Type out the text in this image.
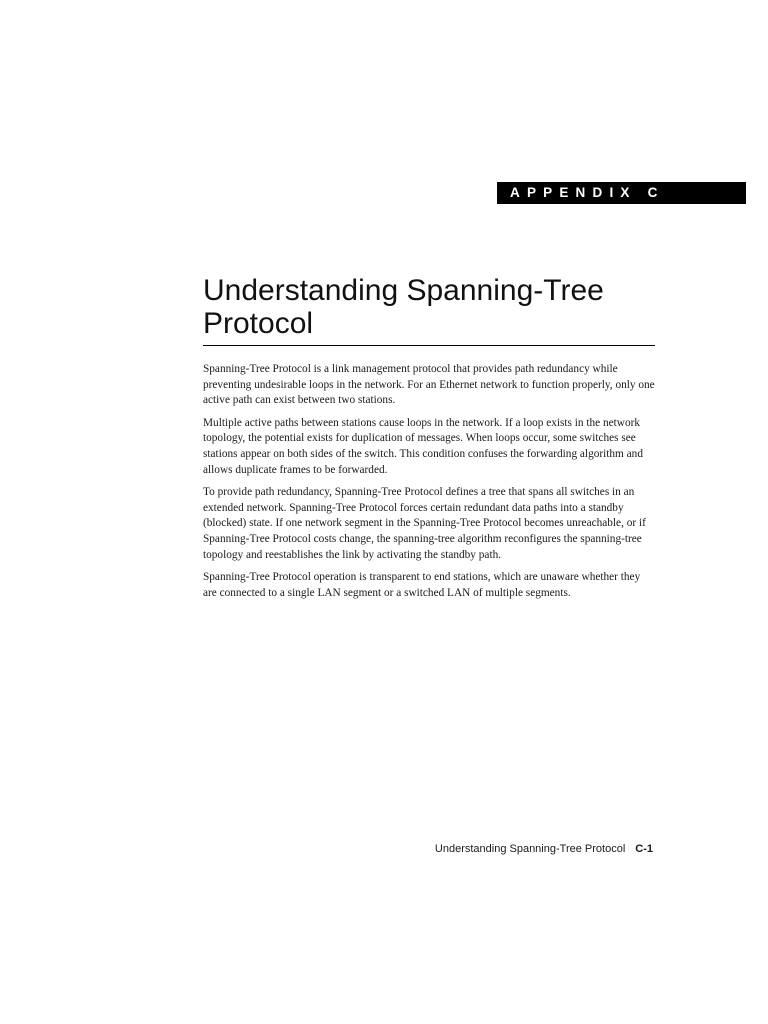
APPENDIX C
Understanding Spanning-Tree Protocol

Spanning-Tree Protocol is a link management protocol that provides path redundancy while preventing undesirable loops in the network. For an Ethernet network to function properly, only one active path can exist between two stations.

Multiple active paths between stations cause loops in the network. If a loop exists in the network topology, the potential exists for duplication of messages. When loops occur, some switches see stations appear on both sides of the switch. This condition confuses the forwarding algorithm and allows duplicate frames to be forwarded.

To provide path redundancy, Spanning-Tree Protocol defines a tree that spans all switches in an extended network. Spanning-Tree Protocol forces certain redundant data paths into a standby (blocked) state. If one network segment in the Spanning-Tree Protocol becomes unreachable, or if Spanning-Tree Protocol costs change, the spanning-tree algorithm reconfigures the spanning-tree topology and reestablishes the link by activating the standby path.

Spanning-Tree Protocol operation is transparent to end stations, which are unaware whether they are connected to a single LAN segment or a switched LAN of multiple segments.

Understanding Spanning-Tree Protocol C-1
